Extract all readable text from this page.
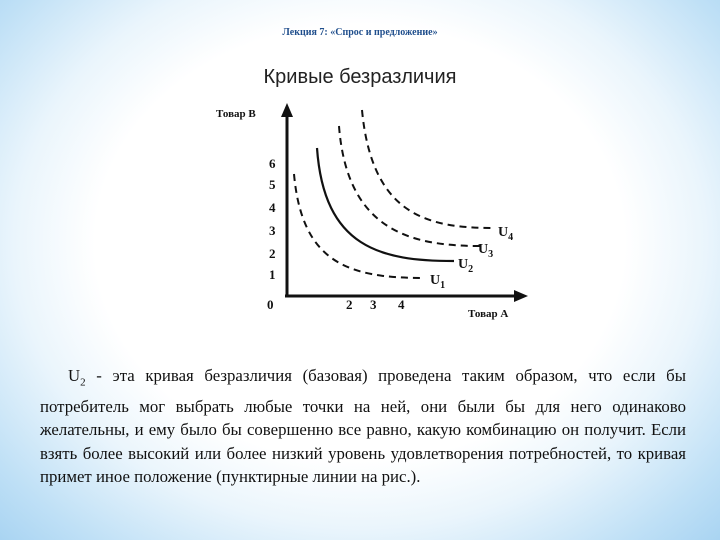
Лекция 7: «Спрос и предложение»
Кривые безразличия
Товар В
Товар А
0
1
2
3
4
5
6
2 3 4
$U_1$
$U_2$
$U_3$
$U_4$
$U_2$ - эта кривая безразличия (базовая) проведена таким образом, что если бы потребитель мог выбрать любые точки на ней, они были бы для него одинаково желательны, и ему было бы совершенно все равно, какую комбинацию он получит. Если взять более высокий или более низкий уровень удовлетворения потребностей, то кривая примет иное положение (пунктирные линии на рис.).
